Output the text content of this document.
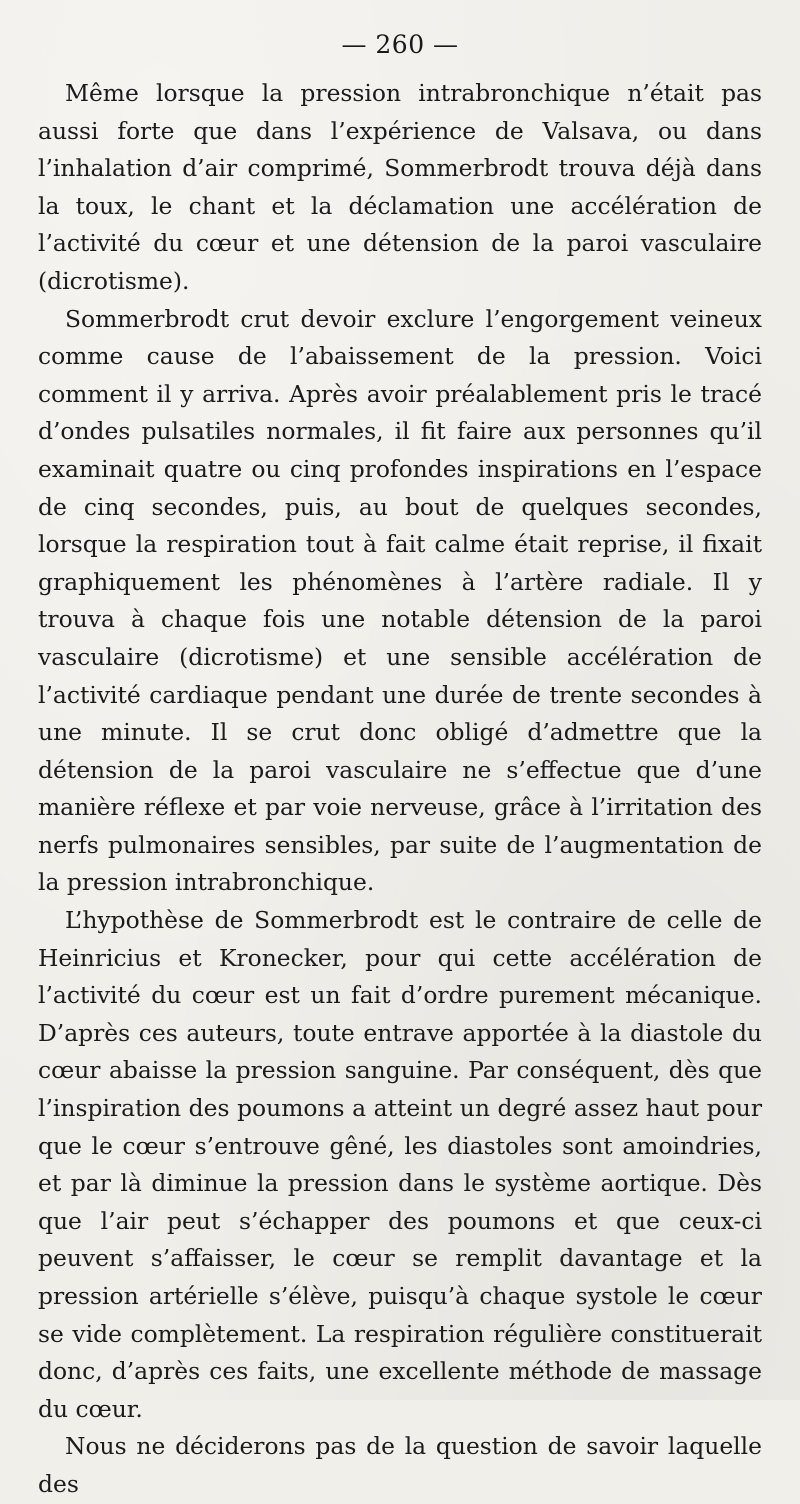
— 260 —

Même lorsque la pression intrabronchique n’était pas aussi forte que dans l’expérience de Valsava, ou dans l’inhalation d’air comprimé, Sommerbrodt trouva déjà dans la toux, le chant et la déclamation une accélération de l’activité du cœur et une détension de la paroi vasculaire (dicrotisme).

Sommerbrodt crut devoir exclure l’engorgement veineux comme cause de l’abaissement de la pression. Voici comment il y arriva. Après avoir préalablement pris le tracé d’ondes pulsatiles normales, il fit faire aux personnes qu’il examinait quatre ou cinq profondes inspirations en l’espace de cinq secondes, puis, au bout de quelques secondes, lorsque la respiration tout à fait calme était reprise, il fixait graphiquement les phénomènes à l’artère radiale. Il y trouva à chaque fois une notable détension de la paroi vasculaire (dicrotisme) et une sensible accélération de l’activité cardiaque pendant une durée de trente secondes à une minute. Il se crut donc obligé d’admettre que la détension de la paroi vasculaire ne s’effectue que d’une manière réflexe et par voie nerveuse, grâce à l’irritation des nerfs pulmonaires sensibles, par suite de l’augmentation de la pression intrabronchique.

L’hypothèse de Sommerbrodt est le contraire de celle de Heinricius et Kronecker, pour qui cette accélération de l’activité du cœur est un fait d’ordre purement mécanique. D’après ces auteurs, toute entrave apportée à la diastole du cœur abaisse la pression sanguine. Par conséquent, dès que l’inspiration des poumons a atteint un degré assez haut pour que le cœur s’entrouve gêné, les diastoles sont amoindries, et par là diminue la pression dans le système aortique. Dès que l’air peut s’échapper des poumons et que ceux-ci peuvent s’affaisser, le cœur se remplit davantage et la pression artérielle s’élève, puisqu’à chaque systole le cœur se vide complètement. La respiration régulière constituerait donc, d’après ces faits, une excellente méthode de massage du cœur.

Nous ne déciderons pas de la question de savoir laquelle des
